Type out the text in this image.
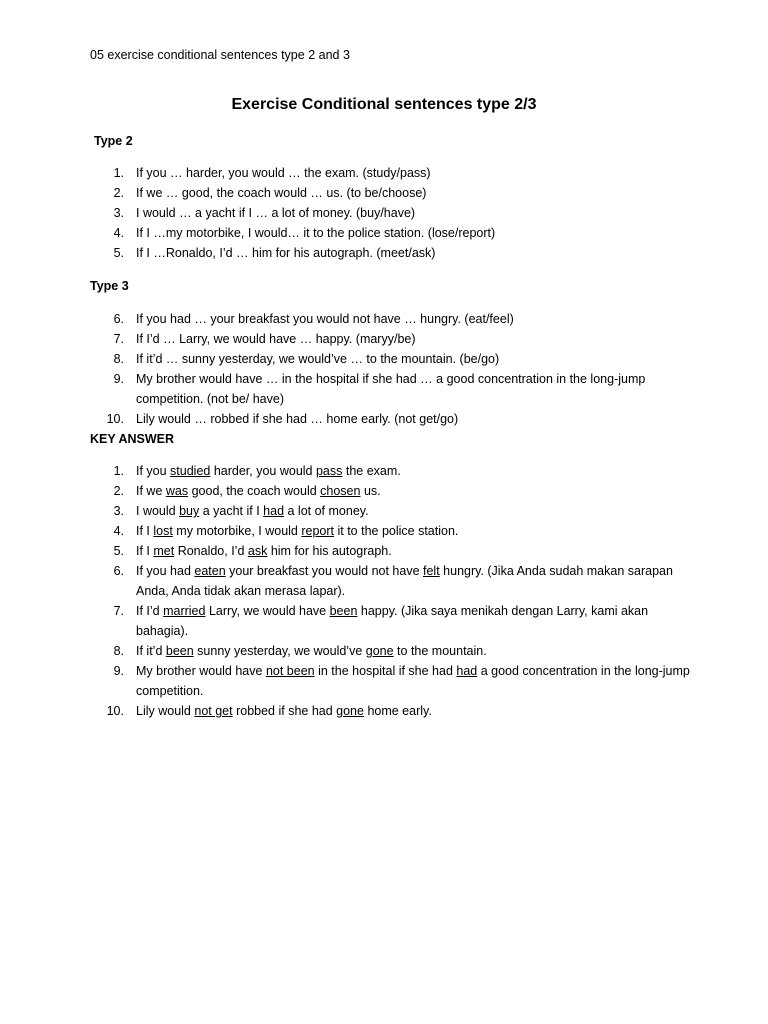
05 exercise conditional sentences type 2 and 3
Exercise Conditional sentences type 2/3
Type 2
1. If you … harder, you would … the exam. (study/pass)
2. If we … good, the coach would … us. (to be/choose)
3. I would … a yacht if I … a lot of money. (buy/have)
4. If I …my motorbike, I would… it to the police station. (lose/report)
5. If I …Ronaldo, I’d … him for his autograph. (meet/ask)
Type 3
6. If you had … your breakfast you would not have … hungry. (eat/feel)
7. If I’d … Larry, we would have … happy. (maryy/be)
8. If it’d … sunny yesterday, we would’ve … to the mountain. (be/go)
9. My brother would have … in the hospital if she had … a good concentration in the long-jump competition. (not be/ have)
10. Lily would … robbed if she had … home early. (not get/go)
KEY ANSWER
1. If you studied harder, you would pass the exam.
2. If we was good, the coach would chosen us.
3. I would buy a yacht if I had a lot of money.
4. If I lost my motorbike, I would report it to the police station.
5. If I met Ronaldo, I’d ask him for his autograph.
6. If you had eaten your breakfast you would not have felt hungry. (Jika Anda sudah makan sarapan Anda, Anda tidak akan merasa lapar).
7. If I’d married Larry, we would have been happy. (Jika saya menikah dengan Larry, kami akan bahagia).
8. If it’d been sunny yesterday, we would’ve gone to the mountain.
9. My brother would have not been in the hospital if she had had a good concentration in the long-jump competition.
10. Lily would not get robbed if she had gone home early.
